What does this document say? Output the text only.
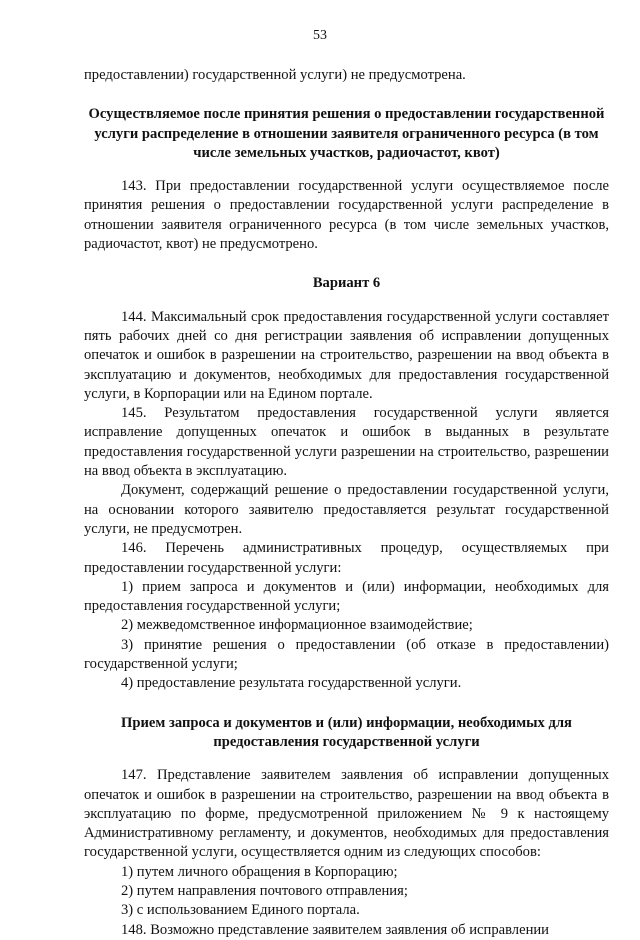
53

предоставлении) государственной услуги) не предусмотрена.

Осуществляемое после принятия решения о предоставлении государственной услуги распределение в отношении заявителя ограниченного ресурса (в том числе земельных участков, радиочастот, квот)

143. При предоставлении государственной услуги осуществляемое после принятия решения о предоставлении государственной услуги распределение в отношении заявителя ограниченного ресурса (в том числе земельных участков, радиочастот, квот) не предусмотрено.

Вариант 6

144. Максимальный срок предоставления государственной услуги составляет пять рабочих дней со дня регистрации заявления об исправлении допущенных опечаток и ошибок в разрешении на строительство, разрешении на ввод объекта в эксплуатацию и документов, необходимых для предоставления государственной услуги, в Корпорации или на Едином портале.

145. Результатом предоставления государственной услуги является исправление допущенных опечаток и ошибок в выданных в результате предоставления государственной услуги разрешении на строительство, разрешении на ввод объекта в эксплуатацию.

Документ, содержащий решение о предоставлении государственной услуги, на основании которого заявителю предоставляется результат государственной услуги, не предусмотрен.

146. Перечень административных процедур, осуществляемых при предоставлении государственной услуги:

1) прием запроса и документов и (или) информации, необходимых для предоставления государственной услуги;

2) межведомственное информационное взаимодействие;

3) принятие решения о предоставлении (об отказе в предоставлении) государственной услуги;

4) предоставление результата государственной услуги.

Прием запроса и документов и (или) информации, необходимых для предоставления государственной услуги

147. Представление заявителем заявления об исправлении допущенных опечаток и ошибок в разрешении на строительство, разрешении на ввод объекта в эксплуатацию по форме, предусмотренной приложением № 9 к настоящему Административному регламенту, и документов, необходимых для предоставления государственной услуги, осуществляется одним из следующих способов:

1) путем личного обращения в Корпорацию;

2) путем направления почтового отправления;

3) с использованием Единого портала.

148. Возможно представление заявителем заявления об исправлении
